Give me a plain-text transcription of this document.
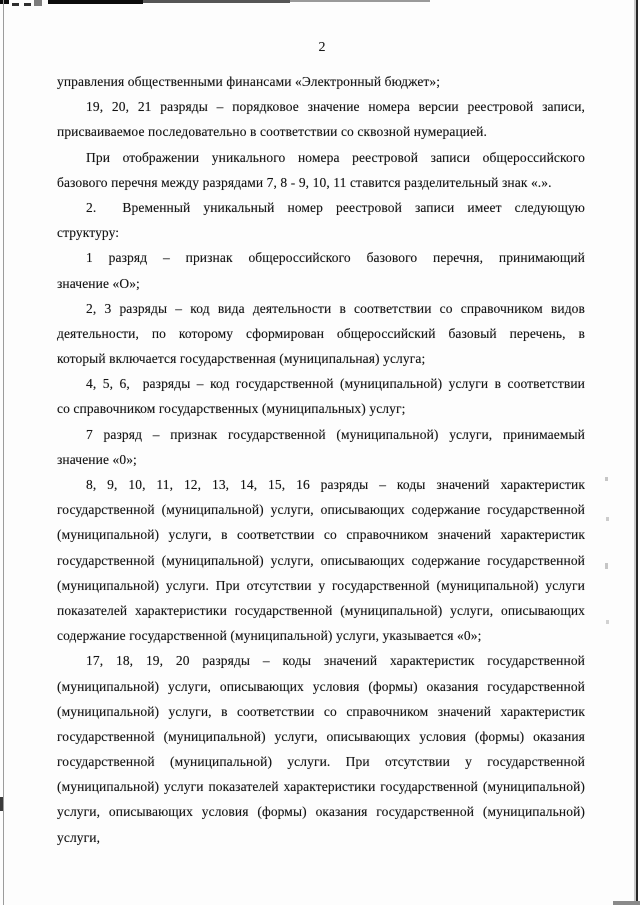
2
управления общественными финансами «Электронный бюджет»;
19, 20, 21 разряды – порядковое значение номера версии реестровой записи,
присваиваемое последовательно в соответствии со сквозной нумерацией.
При отображении уникального номера реестровой записи общероссийского
базового перечня между разрядами 7, 8 - 9, 10, 11 ставится разделительный знак «.».
2.  Временный уникальный номер реестровой записи имеет следующую
структуру:
1 разряд – признак общероссийского базового перечня, принимающий
значение «О»;
2, 3 разряды – код вида деятельности в соответствии со справочником видов
деятельности, по которому сформирован общероссийский базовый перечень, в
который включается государственная (муниципальная) услуга;
4, 5, 6,  разряды – код государственной (муниципальной) услуги в соответствии
со справочником государственных (муниципальных) услуг;
7 разряд – признак государственной (муниципальной) услуги, принимаемый
значение «0»;
8, 9, 10, 11, 12, 13, 14, 15, 16 разряды – коды значений характеристик
государственной (муниципальной) услуги, описывающих содержание государственной
(муниципальной) услуги, в соответствии со справочником значений характеристик
государственной (муниципальной) услуги, описывающих содержание государственной
(муниципальной) услуги. При отсутствии у государственной (муниципальной) услуги
показателей характеристики государственной (муниципальной) услуги, описывающих
содержание государственной (муниципальной) услуги, указывается «0»;
17, 18, 19, 20 разряды – коды значений характеристик государственной
(муниципальной) услуги, описывающих условия (формы) оказания государственной
(муниципальной) услуги, в соответствии со справочником значений характеристик
государственной (муниципальной) услуги, описывающих условия (формы) оказания
государственной (муниципальной) услуги. При отсутствии у государственной
(муниципальной) услуги показателей характеристики государственной (муниципальной)
услуги, описывающих условия (формы) оказания государственной (муниципальной) услуги,
